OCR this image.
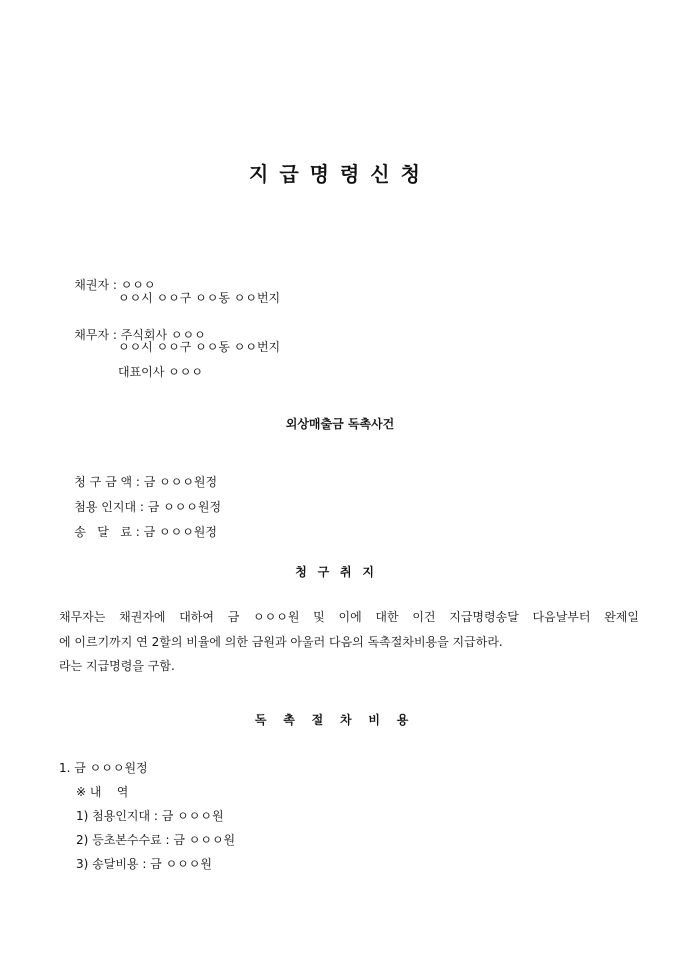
지급명령신청

채권자 : ㅇㅇㅇ

ㅇㅇ시 ㅇㅇ구 ㅇㅇ동 ㅇㅇ번지

채무자 : 주식회사 ㅇㅇㅇ

ㅇㅇ시 ㅇㅇ구 ㅇㅇ동 ㅇㅇ번지
대표이사 ㅇㅇㅇ
외상매출금 독촉사건

청 구 금 액 : 금 ㅇㅇㅇ원정

첨용 인지대 : 금 ㅇㅇㅇ원정

송   달   료 : 금 ㅇㅇㅇ원정

청구취지
채무자는 채권자에 대하여 금 ㅇㅇㅇ원 및 이에 대한 이건 지급명령송달 다음날부터 완제일
에 이르기까지 연 2할의 비율에 의한 금원과 아울러 다음의 독촉절차비용을 지급하라.
라는 지급명령을 구함.
독촉절차비용
1. 금 ㅇㅇㅇ원정
※ 내    역
1) 첨용인지대 : 금 ㅇㅇㅇ원
2) 등초본수수료 : 금 ㅇㅇㅇ원
3) 송달비용 : 금 ㅇㅇㅇ원
